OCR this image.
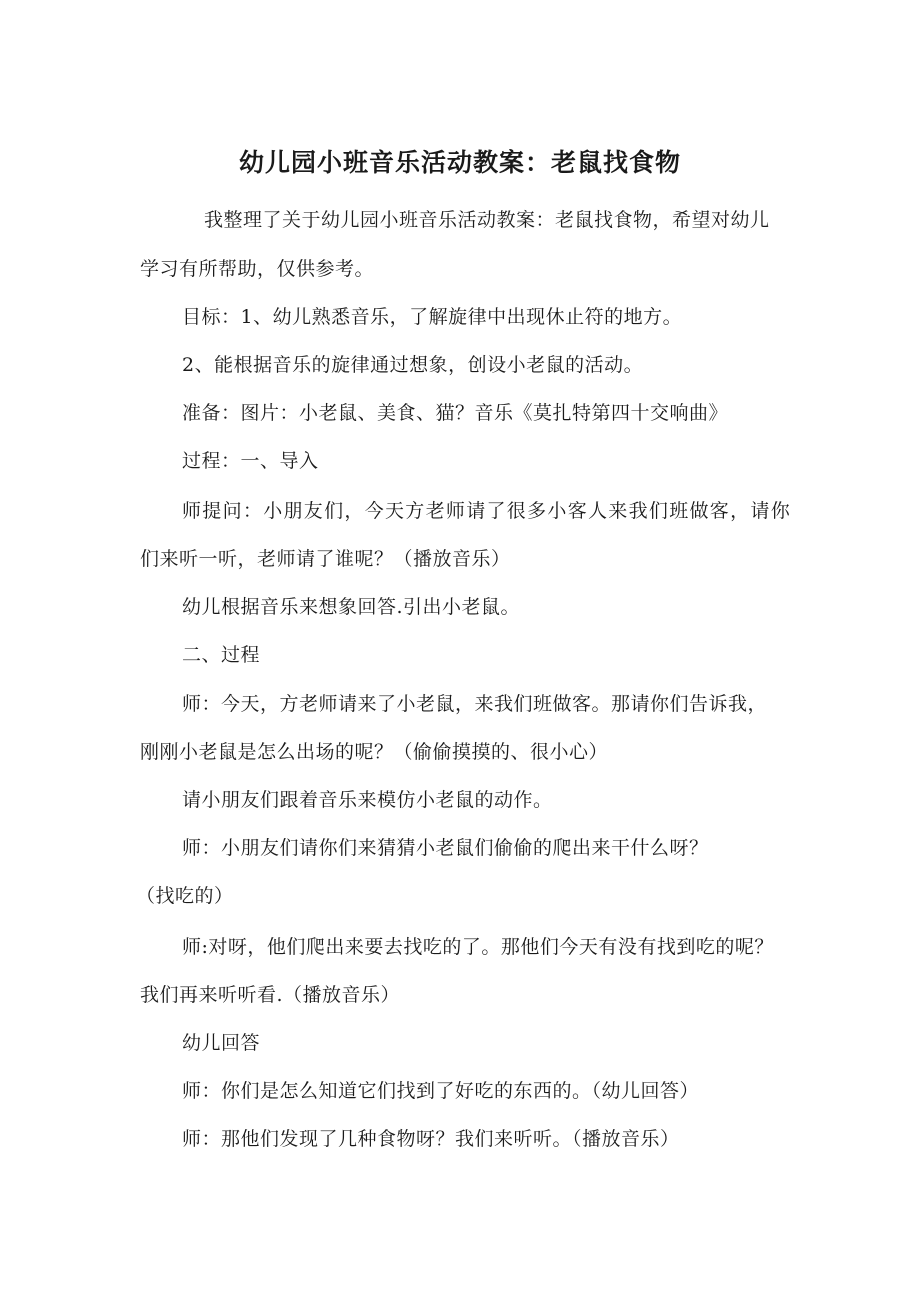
幼儿园小班音乐活动教案：老鼠找食物
我整理了关于幼儿园小班音乐活动教案：老鼠找食物，希望对幼儿
学习有所帮助，仅供参考。
目标：1、幼儿熟悉音乐，了解旋律中出现休止符的地方。
2、能根据音乐的旋律通过想象，创设小老鼠的活动。
准备：图片：小老鼠、美食、猫？音乐《莫扎特第四十交响曲》
过程：一、导入
师提问：小朋友们，今天方老师请了很多小客人来我们班做客，请你
们来听一听，老师请了谁呢？（播放音乐）
幼儿根据音乐来想象回答.引出小老鼠。
二、过程
师：今天，方老师请来了小老鼠，来我们班做客。那请你们告诉我，
刚刚小老鼠是怎么出场的呢？（偷偷摸摸的、很小心）
请小朋友们跟着音乐来模仿小老鼠的动作。
师：小朋友们请你们来猜猜小老鼠们偷偷的爬出来干什么呀？
（找吃的）
师:对呀，他们爬出来要去找吃的了。那他们今天有没有找到吃的呢？
我们再来听听看.（播放音乐）
幼儿回答
师：你们是怎么知道它们找到了好吃的东西的。（幼儿回答）
师：那他们发现了几种食物呀？我们来听听。（播放音乐）
